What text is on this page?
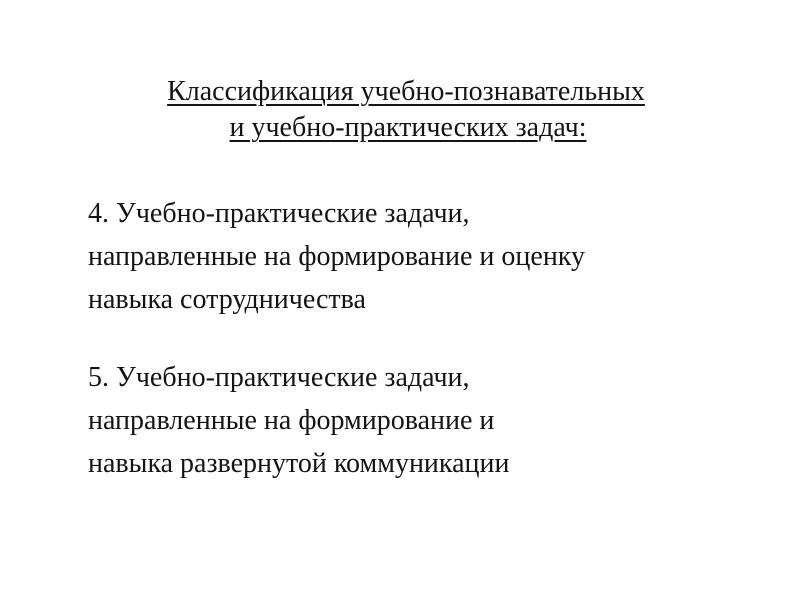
Классификация учебно-познавательных
и учебно-практических задач:
4. Учебно-практические задачи,
направленные на формирование и оценку
навыка сотрудничества
5. Учебно-практические задачи,
направленные на формирование и
навыка развернутой коммуникации
